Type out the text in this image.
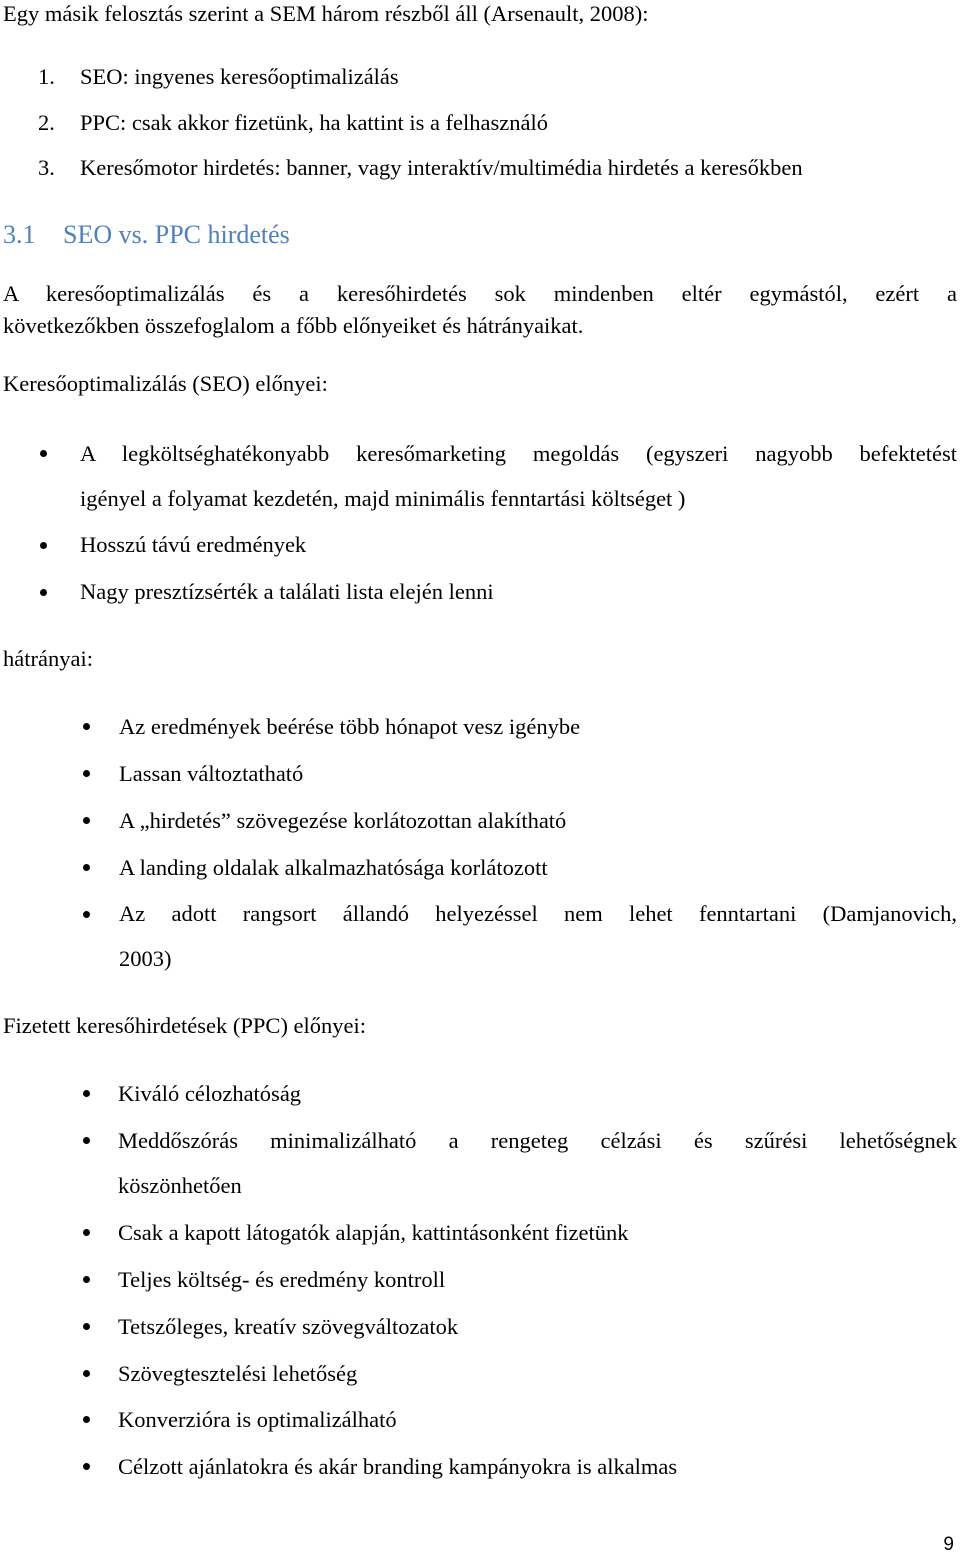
Egy másik felosztás szerint a SEM három részből áll (Arsenault, 2008):
1. SEO: ingyenes keresőoptimalizálás
2. PPC: csak akkor fizetünk, ha kattint is a felhasználó
3. Keresőmotor hirdetés: banner, vagy interaktív/multimédia hirdetés a keresőkben
3.1 SEO vs. PPC hirdetés
A keresőoptimalizálás és a keresőhirdetés sok mindenben eltér egymástól, ezért a
következőkben összefoglalom a főbb előnyeiket és hátrányaikat.
Keresőoptimalizálás (SEO) előnyei:
A legköltséghatékonyabb keresőmarketing megoldás (egyszeri nagyobb befektetést
igényel a folyamat kezdetén, majd minimális fenntartási költséget )
Hosszú távú eredmények
Nagy presztízsérték a találati lista elején lenni
hátrányai:
Az eredmények beérése több hónapot vesz igénybe
Lassan változtatható
A „hirdetés” szövegezése korlátozottan alakítható
A landing oldalak alkalmazhatósága korlátozott
Az adott rangsort állandó helyezéssel nem lehet fenntartani (Damjanovich,
2003)
Fizetett keresőhirdetések (PPC) előnyei:
Kiváló célozhatóság
Meddőszórás minimalizálható a rengeteg célzási és szűrési lehetőségnek
köszönhetően
Csak a kapott látogatók alapján, kattintásonként fizetünk
Teljes költség- és eredmény kontroll
Tetszőleges, kreatív szövegváltozatok
Szövegtesztelési lehetőség
Konverzióra is optimalizálható
Célzott ajánlatokra és akár branding kampányokra is alkalmas
9
